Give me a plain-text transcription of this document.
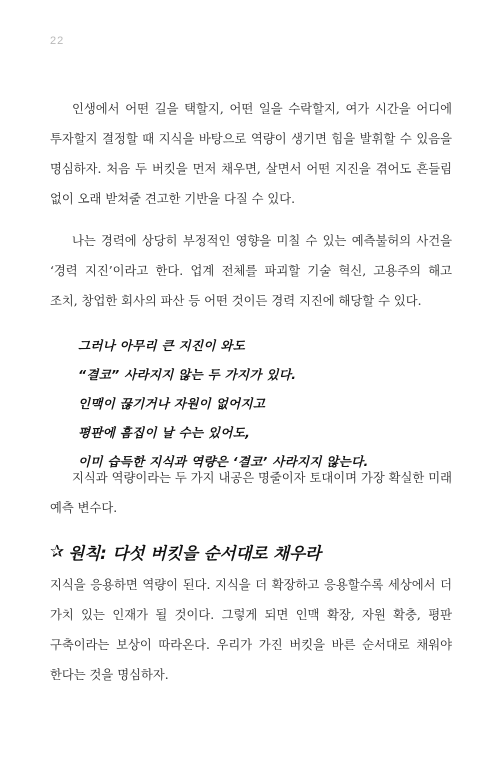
22

인생에서 어떤 길을 택할지, 어떤 일을 수락할지, 여가 시간을 어디에 투자할지 결정할 때 지식을 바탕으로 역량이 생기면 힘을 발휘할 수 있음을 명심하자. 처음 두 버킷을 먼저 채우면, 살면서 어떤 지진을 겪어도 흔들림 없이 오래 받쳐줄 견고한 기반을 다질 수 있다.

나는 경력에 상당히 부정적인 영향을 미칠 수 있는 예측불허의 사건을 ‘경력 지진’이라고 한다. 업계 전체를 파괴할 기술 혁신, 고용주의 해고 조치, 창업한 회사의 파산 등 어떤 것이든 경력 지진에 해당할 수 있다.

그러나 아무리 큰 지진이 와도
“결코” 사라지지 않는 두 가지가 있다.
인맥이 끊기거나 자원이 없어지고
평판에 흠집이 날 수는 있어도,
이미 습득한 지식과 역량은 ‘결코’ 사라지지 않는다.

지식과 역량이라는 두 가지 내공은 명줄이자 토대이며 가장 확실한 미래 예측 변수다.

✰ 원칙: 다섯 버킷을 순서대로 채우라

지식을 응용하면 역량이 된다. 지식을 더 확장하고 응용할수록 세상에서 더 가치 있는 인재가 될 것이다. 그렇게 되면 인맥 확장, 자원 확충, 평판 구축이라는 보상이 따라온다. 우리가 가진 버킷을 바른 순서대로 채워야 한다는 것을 명심하자.
